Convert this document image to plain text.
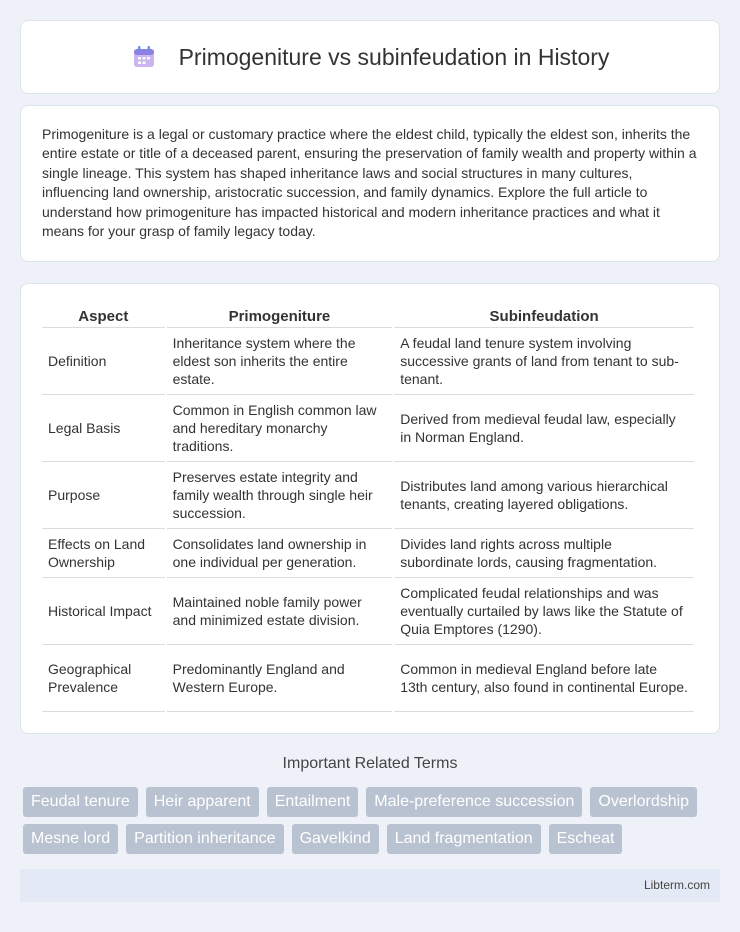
Primogeniture vs subinfeudation in History

Primogeniture is a legal or customary practice where the eldest child, typically the eldest son, inherits the entire estate or title of a deceased parent, ensuring the preservation of family wealth and property within a single lineage. This system has shaped inheritance laws and social structures in many cultures, influencing land ownership, aristocratic succession, and family dynamics. Explore the full article to understand how primogeniture has impacted historical and modern inheritance practices and what it means for your grasp of family legacy today.

Aspect	Primogeniture	Subinfeudation
Definition	Inheritance system where the eldest son inherits the entire estate.	A feudal land tenure system involving successive grants of land from tenant to sub-tenant.
Legal Basis	Common in English common law and hereditary monarchy traditions.	Derived from medieval feudal law, especially in Norman England.
Purpose	Preserves estate integrity and family wealth through single heir succession.	Distributes land among various hierarchical tenants, creating layered obligations.
Effects on Land Ownership	Consolidates land ownership in one individual per generation.	Divides land rights across multiple subordinate lords, causing fragmentation.
Historical Impact	Maintained noble family power and minimized estate division.	Complicated feudal relationships and was eventually curtailed by laws like the Statute of Quia Emptores (1290).
Geographical Prevalence	Predominantly England and Western Europe.	Common in medieval England before late 13th century, also found in continental Europe.
Important Related Terms
Feudal tenure	Heir apparent	Entailment	Male-preference succession	Overlordship
Mesne lord	Partition inheritance	Gavelkind	Land fragmentation	Escheat
Libterm.com
